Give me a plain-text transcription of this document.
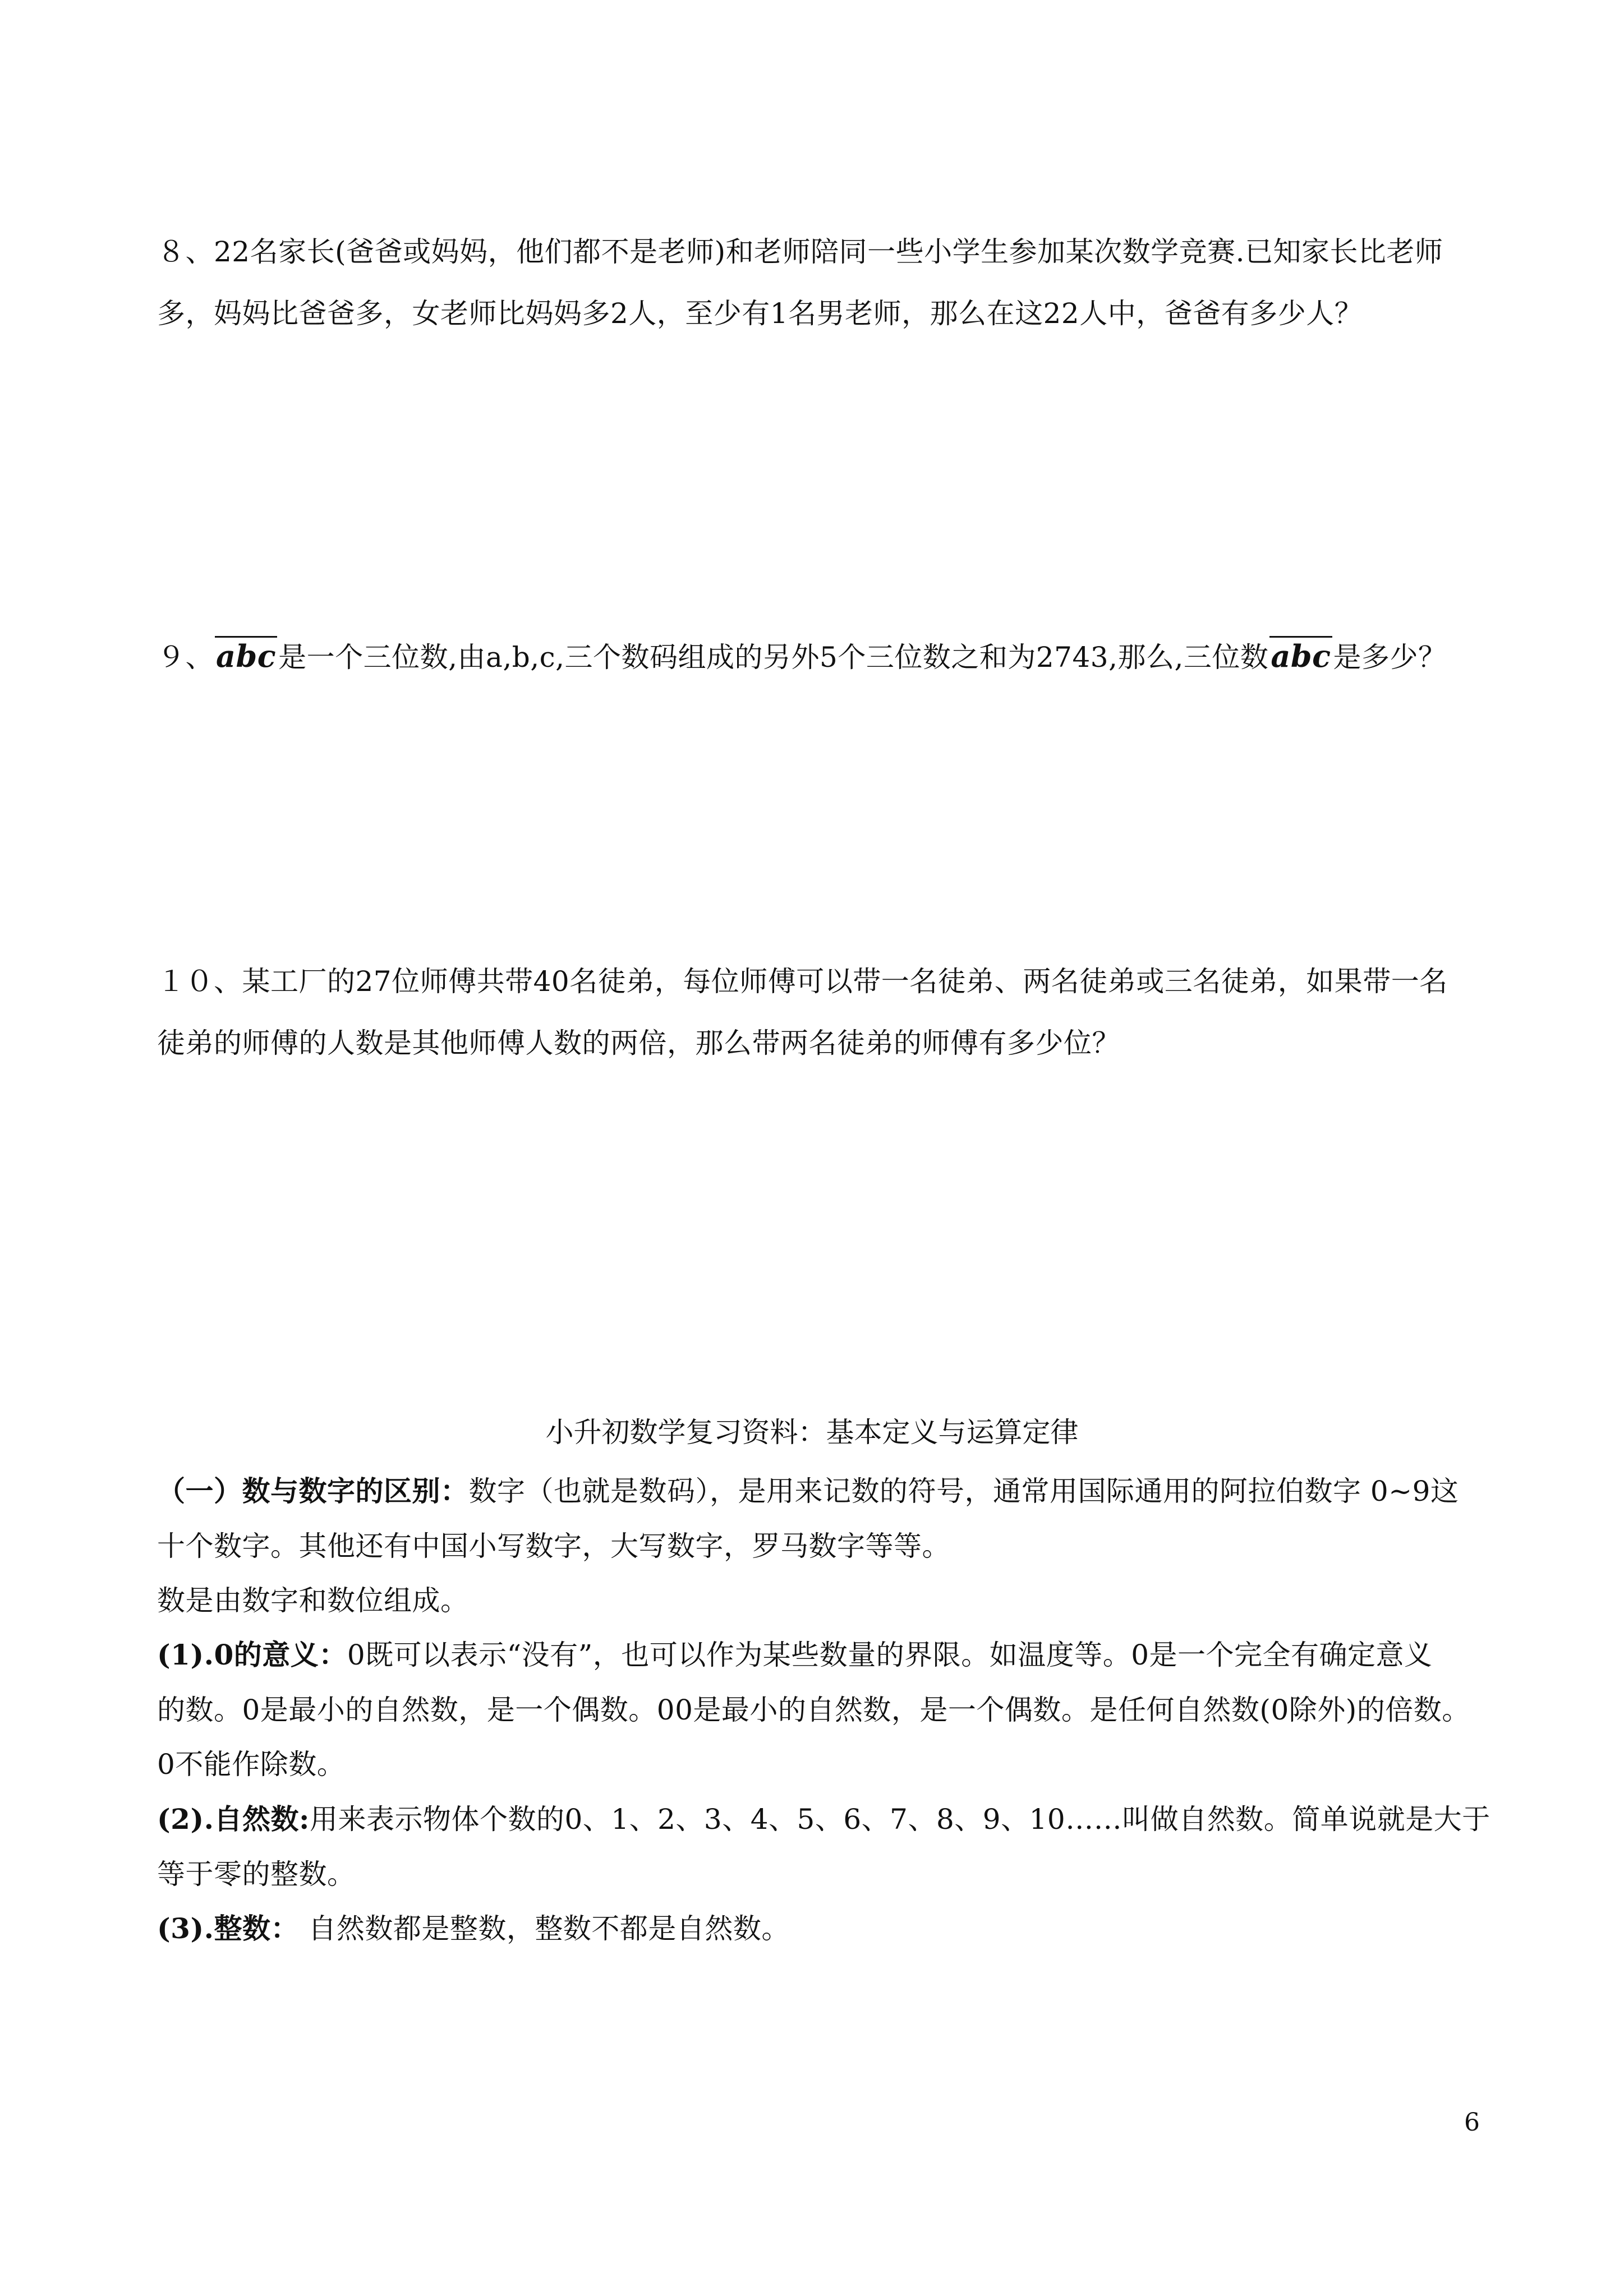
８、22名家长(爸爸或妈妈，他们都不是老师)和老师陪同一些小学生参加某次数学竞赛.已知家长比老师
多，妈妈比爸爸多，女老师比妈妈多2人，至少有1名男老师，那么在这22人中，爸爸有多少人？
９、abc是一个三位数,由a,b,c,三个数码组成的另外5个三位数之和为2743,那么,三位数abc是多少？
１０、某工厂的27位师傅共带40名徒弟，每位师傅可以带一名徒弟、两名徒弟或三名徒弟，如果带一名
徒弟的师傅的人数是其他师傅人数的两倍，那么带两名徒弟的师傅有多少位？
小升初数学复习资料：基本定义与运算定律
（一）数与数字的区别：数字（也就是数码），是用来记数的符号，通常用国际通用的阿拉伯数字 0~9这
十个数字。其他还有中国小写数字，大写数字，罗马数字等等。
数是由数字和数位组成。
(1).0的意义：0既可以表示“没有”，也可以作为某些数量的界限。如温度等。0是一个完全有确定意义
的数。0是最小的自然数，是一个偶数。00是最小的自然数，是一个偶数。是任何自然数(0除外)的倍数。
0不能作除数。
(2).自然数:用来表示物体个数的0、1、2、3、4、5、6、7、8、9、10……叫做自然数。简单说就是大于
等于零的整数。
(3).整数： 自然数都是整数，整数不都是自然数。
6
